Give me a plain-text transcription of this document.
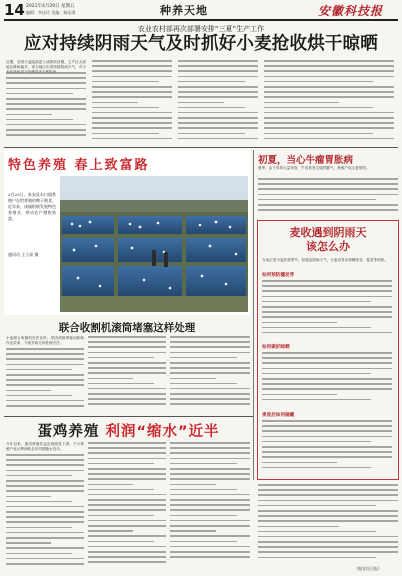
14 2021年4月29日 星期五
编辑：李佳玲 美编：杨佳琪	种养天地	安徽科技报
农业农村部再次部署安排“三夏”生产工作
应对持续阴雨天气及时抓好小麦抢收烘干晾晒
近期，全国小麦陆续进入成熟收获期，主产区大部地区降雨偏多，部分地区出现持续阴雨天气，对小
特色养殖 春上致富路
3月25日，来安县水口镇养殖户在给养殖的鸭子喂食。近年来，该镇积极发展特色养殖业，带动农户增收致富。
通讯员 王立高 摄
初夏，当心牛瘤胃胀病
夏季，由于青草大量采食，牛容易发生瘤胃臌气，养殖户应注意预防。
麦收遇到阴雨天
该怎么办
当前正是小麦收获季节，如遇连阴雨天气，小麦容易出现穗发芽、霉变等现象。
如何预防穗发芽
如何做好晾晒
麦收后如何储藏
联合收割机滚筒堵塞这样处理
小麦联合收割机在作业时，常因滚筒堵塞而影响作业效率，下面介绍几种处理方法。
蛋鸡养殖 利润“缩水”近半
今年以来，蛋鸡养殖效益出现明显下滑，不少养殖户表示利润较去年同期缩水近半。
（据农民日报）
